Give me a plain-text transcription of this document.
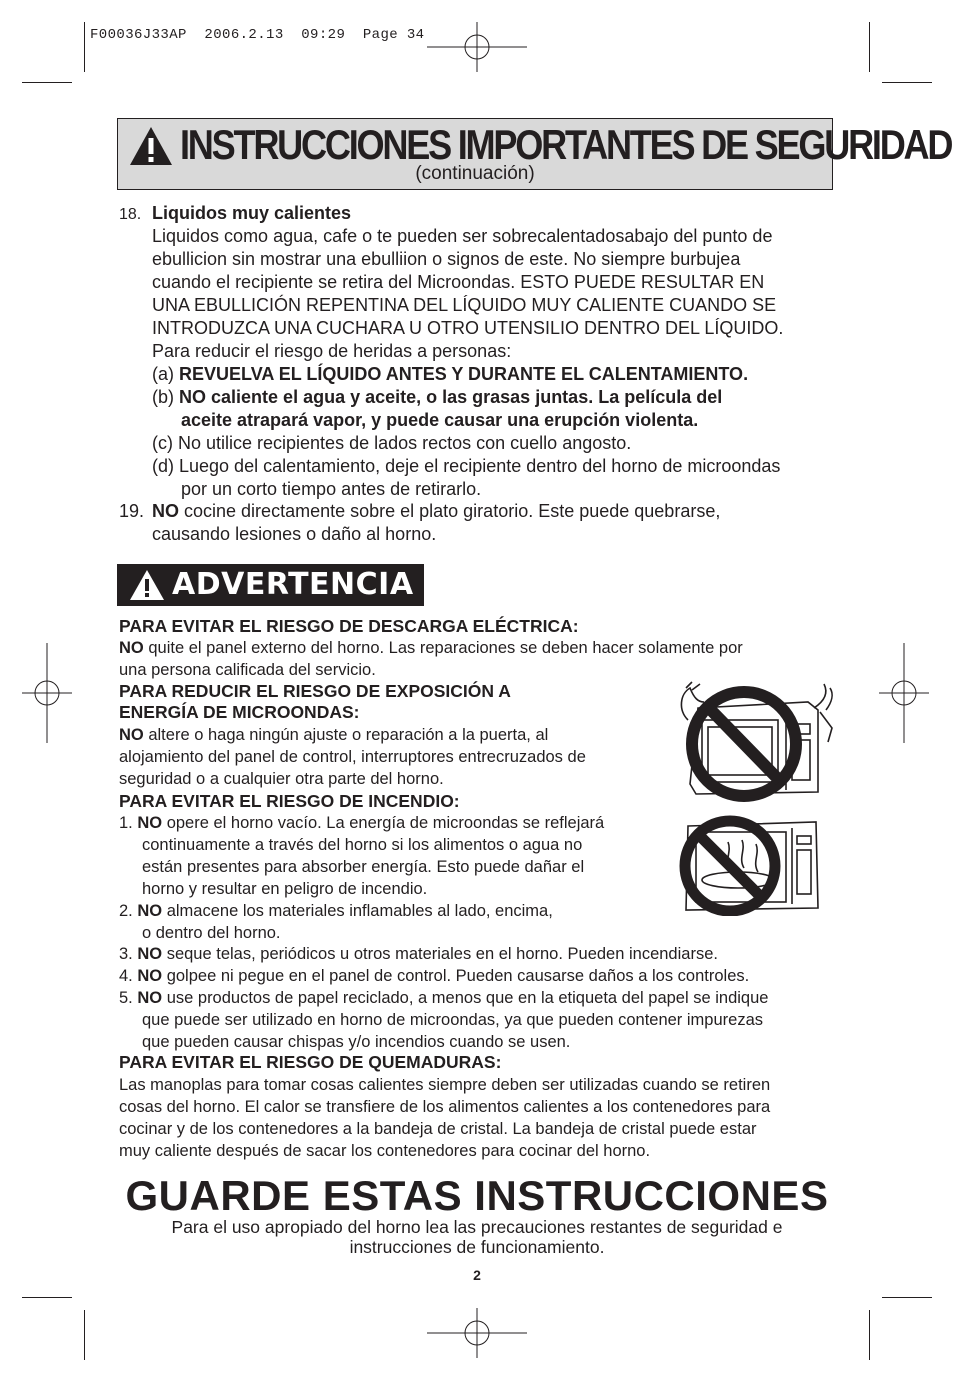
F00036J33AP  2006.2.13  09:29  Page 34
INSTRUCCIONES IMPORTANTES DE SEGURIDAD
(continuación)
18. Liquidos muy calientes
Liquidos como agua, cafe o te pueden ser sobrecalentadosabajo del punto de
ebullicion sin mostrar una ebulliion o signos de este. No siempre burbujea
cuando el recipiente se retira del Microondas. ESTO PUEDE RESULTAR EN
UNA EBULLICIÓN REPENTINA DEL LÍQUIDO MUY CALIENTE CUANDO SE
INTRODUZCA UNA CUCHARA U OTRO UTENSILIO DENTRO DEL LÍQUIDO.
Para reducir el riesgo de heridas a personas:
(a) REVUELVA EL LÍQUIDO ANTES Y DURANTE EL CALENTAMIENTO.
(b) NO caliente el agua y aceite, o las grasas juntas. La película del
aceite atrapará vapor, y puede causar una erupción violenta.
(c) No utilice recipientes de lados rectos con cuello angosto.
(d) Luego del calentamiento, deje el recipiente dentro del horno de microondas
por un corto tiempo antes de retirarlo.
19. NO cocine directamente sobre el plato giratorio. Este puede quebrarse,
causando lesiones o daño al horno.
ADVERTENCIA
PARA EVITAR EL RIESGO DE DESCARGA ELÉCTRICA:
NO quite el panel externo del horno. Las reparaciones se deben hacer solamente por
una persona calificada del servicio.
PARA REDUCIR EL RIESGO DE EXPOSICIÓN A
ENERGÍA DE MICROONDAS:
NO altere o haga ningún ajuste o reparación a la puerta, al
alojamiento del panel de control, interruptores entrecruzados de
seguridad o a cualquier otra parte del horno.
PARA EVITAR EL RIESGO DE INCENDIO:
1. NO opere el horno vacío. La energía de microondas se reflejará
continuamente a través del horno si los alimentos o agua no
están presentes para absorber energía. Esto puede dañar el
horno y resultar en peligro de incendio.
2. NO almacene los materiales inflamables al lado, encima,
o dentro del horno.
3. NO seque telas, periódicos u otros materiales en el horno. Pueden incendiarse.
4. NO golpee ni pegue en el panel de control. Pueden causarse daños a los controles.
5. NO use productos de papel reciclado, a menos que en la etiqueta del papel se indique
que puede ser utilizado en horno de microondas, ya que pueden contener impurezas
que pueden causar chispas y/o incendios cuando se usen.
PARA EVITAR EL RIESGO DE QUEMADURAS:
Las manoplas para tomar cosas calientes siempre deben ser utilizadas cuando se retiren
cosas del horno. El calor se transfiere de los alimentos calientes a los contenedores para
cocinar y de los contenedores a la bandeja de cristal. La bandeja de cristal puede estar
muy caliente después de sacar los contenedores para cocinar del horno.
GUARDE ESTAS INSTRUCCIONES
Para el uso apropiado del horno lea las precauciones restantes de seguridad e
instrucciones de funcionamiento.
2
